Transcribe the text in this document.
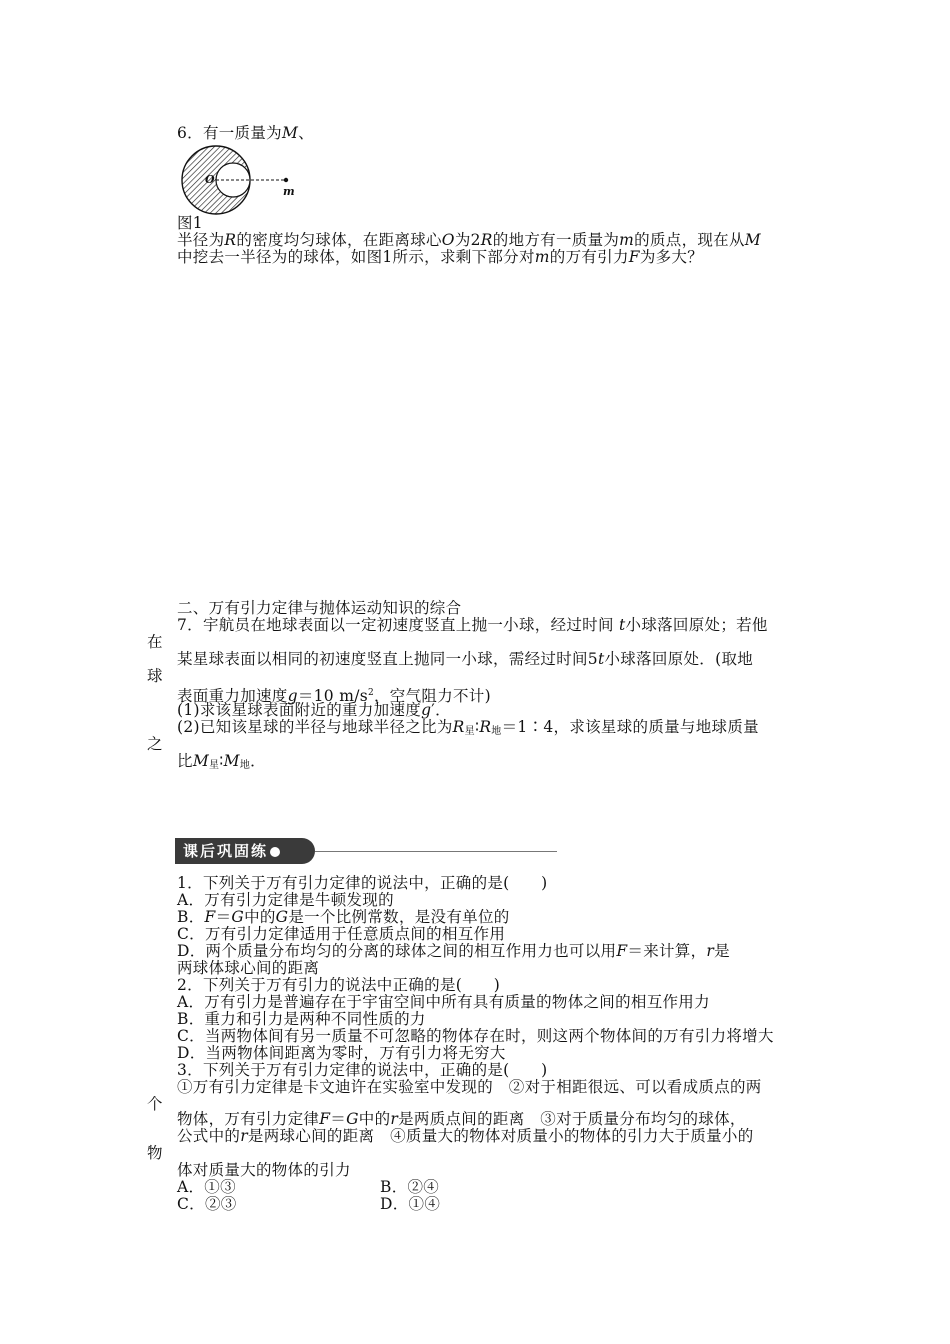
6．有一质量为M、
O
m
图1
半径为R的密度均匀球体，在距离球心O为2R的地方有一质量为m的质点，现在从M
中挖去一半径为的球体，如图1所示，求剩下部分对m的万有引力F为多大？
二、万有引力定律与抛体运动知识的综合
7．宇航员在地球表面以一定初速度竖直上抛一小球，经过时间 t小球落回原处；若他
在
某星球表面以相同的初速度竖直上抛同一小球，需经过时间5t小球落回原处．(取地
球
表面重力加速度g＝10 $m/s^2$，空气阻力不计)
(1)求该星球表面附近的重力加速度g′．
(2)已知该星球的半径与地球半径之比为$R_星∶R_地=1∶4$，求该星球的质量与地球质量
之
比$M_星∶M_地$．
课后巩固练
1．下列关于万有引力定律的说法中，正确的是(　　)
A．万有引力定律是牛顿发现的
B．F＝G中的G是一个比例常数，是没有单位的
C．万有引力定律适用于任意质点间的相互作用
D．两个质量分布均匀的分离的球体之间的相互作用力也可以用F＝来计算，r是
两球体球心间的距离
2．下列关于万有引力的说法中正确的是(　　)
A．万有引力是普遍存在于宇宙空间中所有具有质量的物体之间的相互作用力
B．重力和引力是两种不同性质的力
C．当两物体间有另一质量不可忽略的物体存在时，则这两个物体间的万有引力将增大
D．当两物体间距离为零时，万有引力将无穷大
3．下列关于万有引力定律的说法中，正确的是(　　)
①万有引力定律是卡文迪许在实验室中发现的　②对于相距很远、可以看成质点的两
个
物体，万有引力定律F＝G中的r是两质点间的距离　③对于质量分布均匀的球体，
公式中的r是两球心间的距离　④质量大的物体对质量小的物体的引力大于质量小的
物
体对质量大的物体的引力
A．①③	B．②④
C．②③	D．①④
